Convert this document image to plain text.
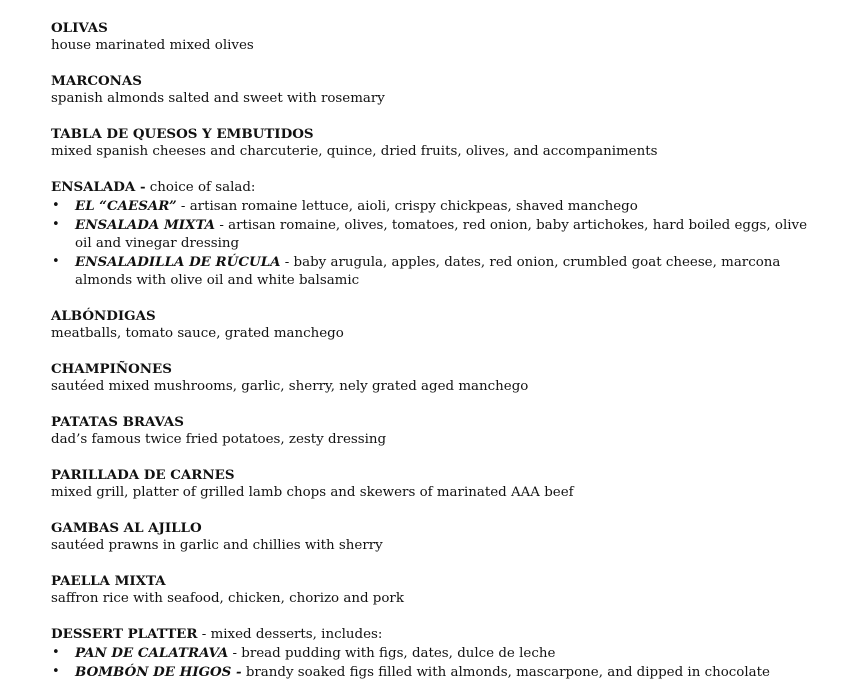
OLIVAS
house marinated mixed olives
MARCONAS
spanish almonds salted and sweet with rosemary
TABLA DE QUESOS Y EMBUTIDOS
mixed spanish cheeses and charcuterie, quince, dried fruits, olives, and accompaniments
ENSALADA - choice of salad:
• EL “CAESAR” - artisan romaine lettuce, aioli, crispy chickpeas, shaved manchego
• ENSALADA MIXTA - artisan romaine, olives, tomatoes, red onion, baby artichokes, hard boiled eggs, olive oil and vinegar dressing
• ENSALADILLA DE RÚCULA - baby arugula, apples, dates, red onion, crumbled goat cheese, marcona almonds with olive oil and white balsamic
ALBÓNDIGAS
meatballs, tomato sauce, grated manchego
CHAMPIÑONES
sautéed mixed mushrooms, garlic, sherry, nely grated aged manchego
PATATAS BRAVAS
dad’s famous twice fried potatoes, zesty dressing
PARILLADA DE CARNES
mixed grill, platter of grilled lamb chops and skewers of marinated AAA beef
GAMBAS AL AJILLO
sautéed prawns in garlic and chillies with sherry
PAELLA MIXTA
saffron rice with seafood, chicken, chorizo and pork
DESSERT PLATTER - mixed desserts, includes:
• PAN DE CALATRAVA - bread pudding with figs, dates, dulce de leche
• BOMBÓN DE HIGOS - brandy soaked figs filled with almonds, mascarpone, and dipped in chocolate
